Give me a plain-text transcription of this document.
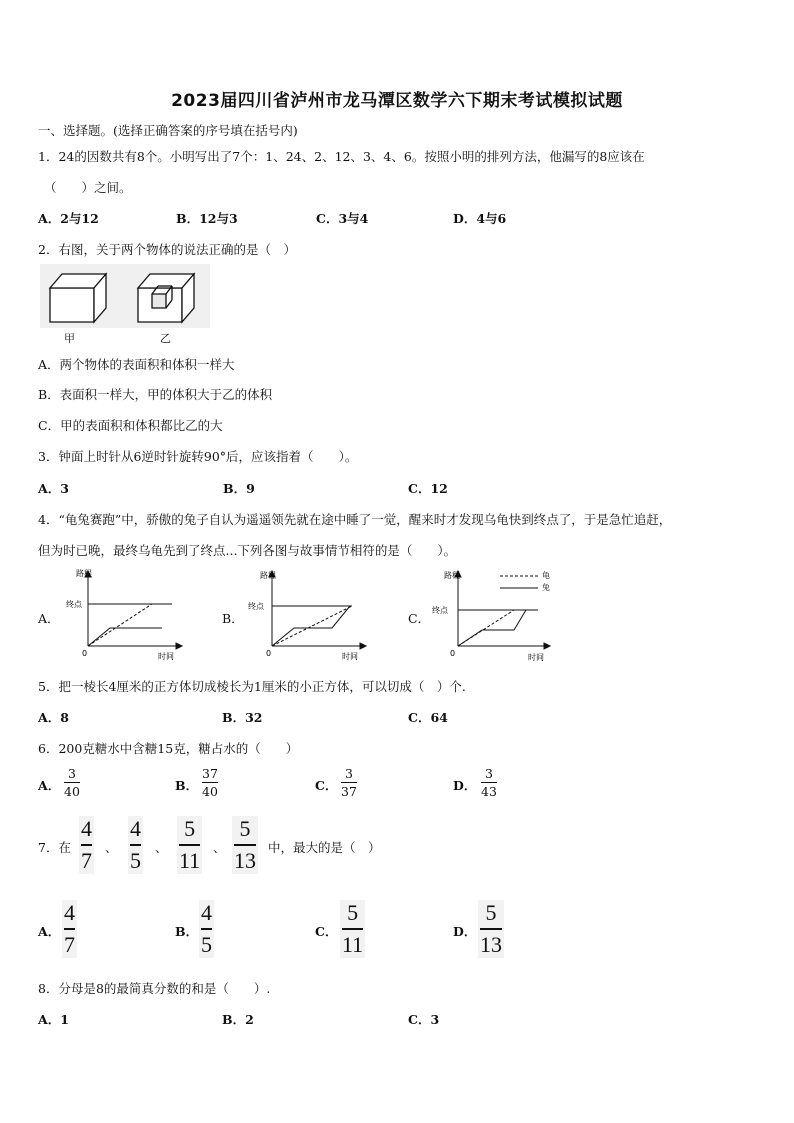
2023届四川省泸州市龙马潭区数学六下期末考试模拟试题
一、选择题。(选择正确答案的序号填在括号内)
1．24的因数共有8个。小明写出了7个：1、24、2、12、3、4、6。按照小明的排列方法，他漏写的8应该在
（　　）之间。
A．2与12	B．12与3	C．3与4	D．4与6
2．右图，关于两个物体的说法正确的是（　）
甲	乙
A．两个物体的表面积和体积一样大
B．表面积一样大，甲的体积大于乙的体积
C．甲的表面积和体积都比乙的大
3．钟面上时针从6逆时针旋转90°后，应该指着（　　）。
A．3	B．9	C．12
4．“龟兔赛跑”中，骄傲的兔子自认为遥遥领先就在途中睡了一觉，醒来时才发现乌龟快到终点了，于是急忙追赶，
但为时已晚，最终乌龟先到了终点...下列各图与故事情节相符的是（　　）。
A．
路程
终点
0	时间
B．
路程
终点
0	时间
C．
路程
终点
0	时间
龟
兔
5．把一棱长4厘米的正方体切成棱长为1厘米的小正方体，可以切成（　）个.
A．8	B．32	C．64
6．200克糖水中含糖15克，糖占水的（　　）
A．
3
40	B．
37
40	C．
3
37	D．
3
43
7．在
4
7 、
4
5 、
5
11 、
5
13 中，最大的是（　）
A．
4
7	B．
4
5	C．
5
11	D．
5
13
8．分母是8的最简真分数的和是（　　）.
A．1	B．2	C．3
